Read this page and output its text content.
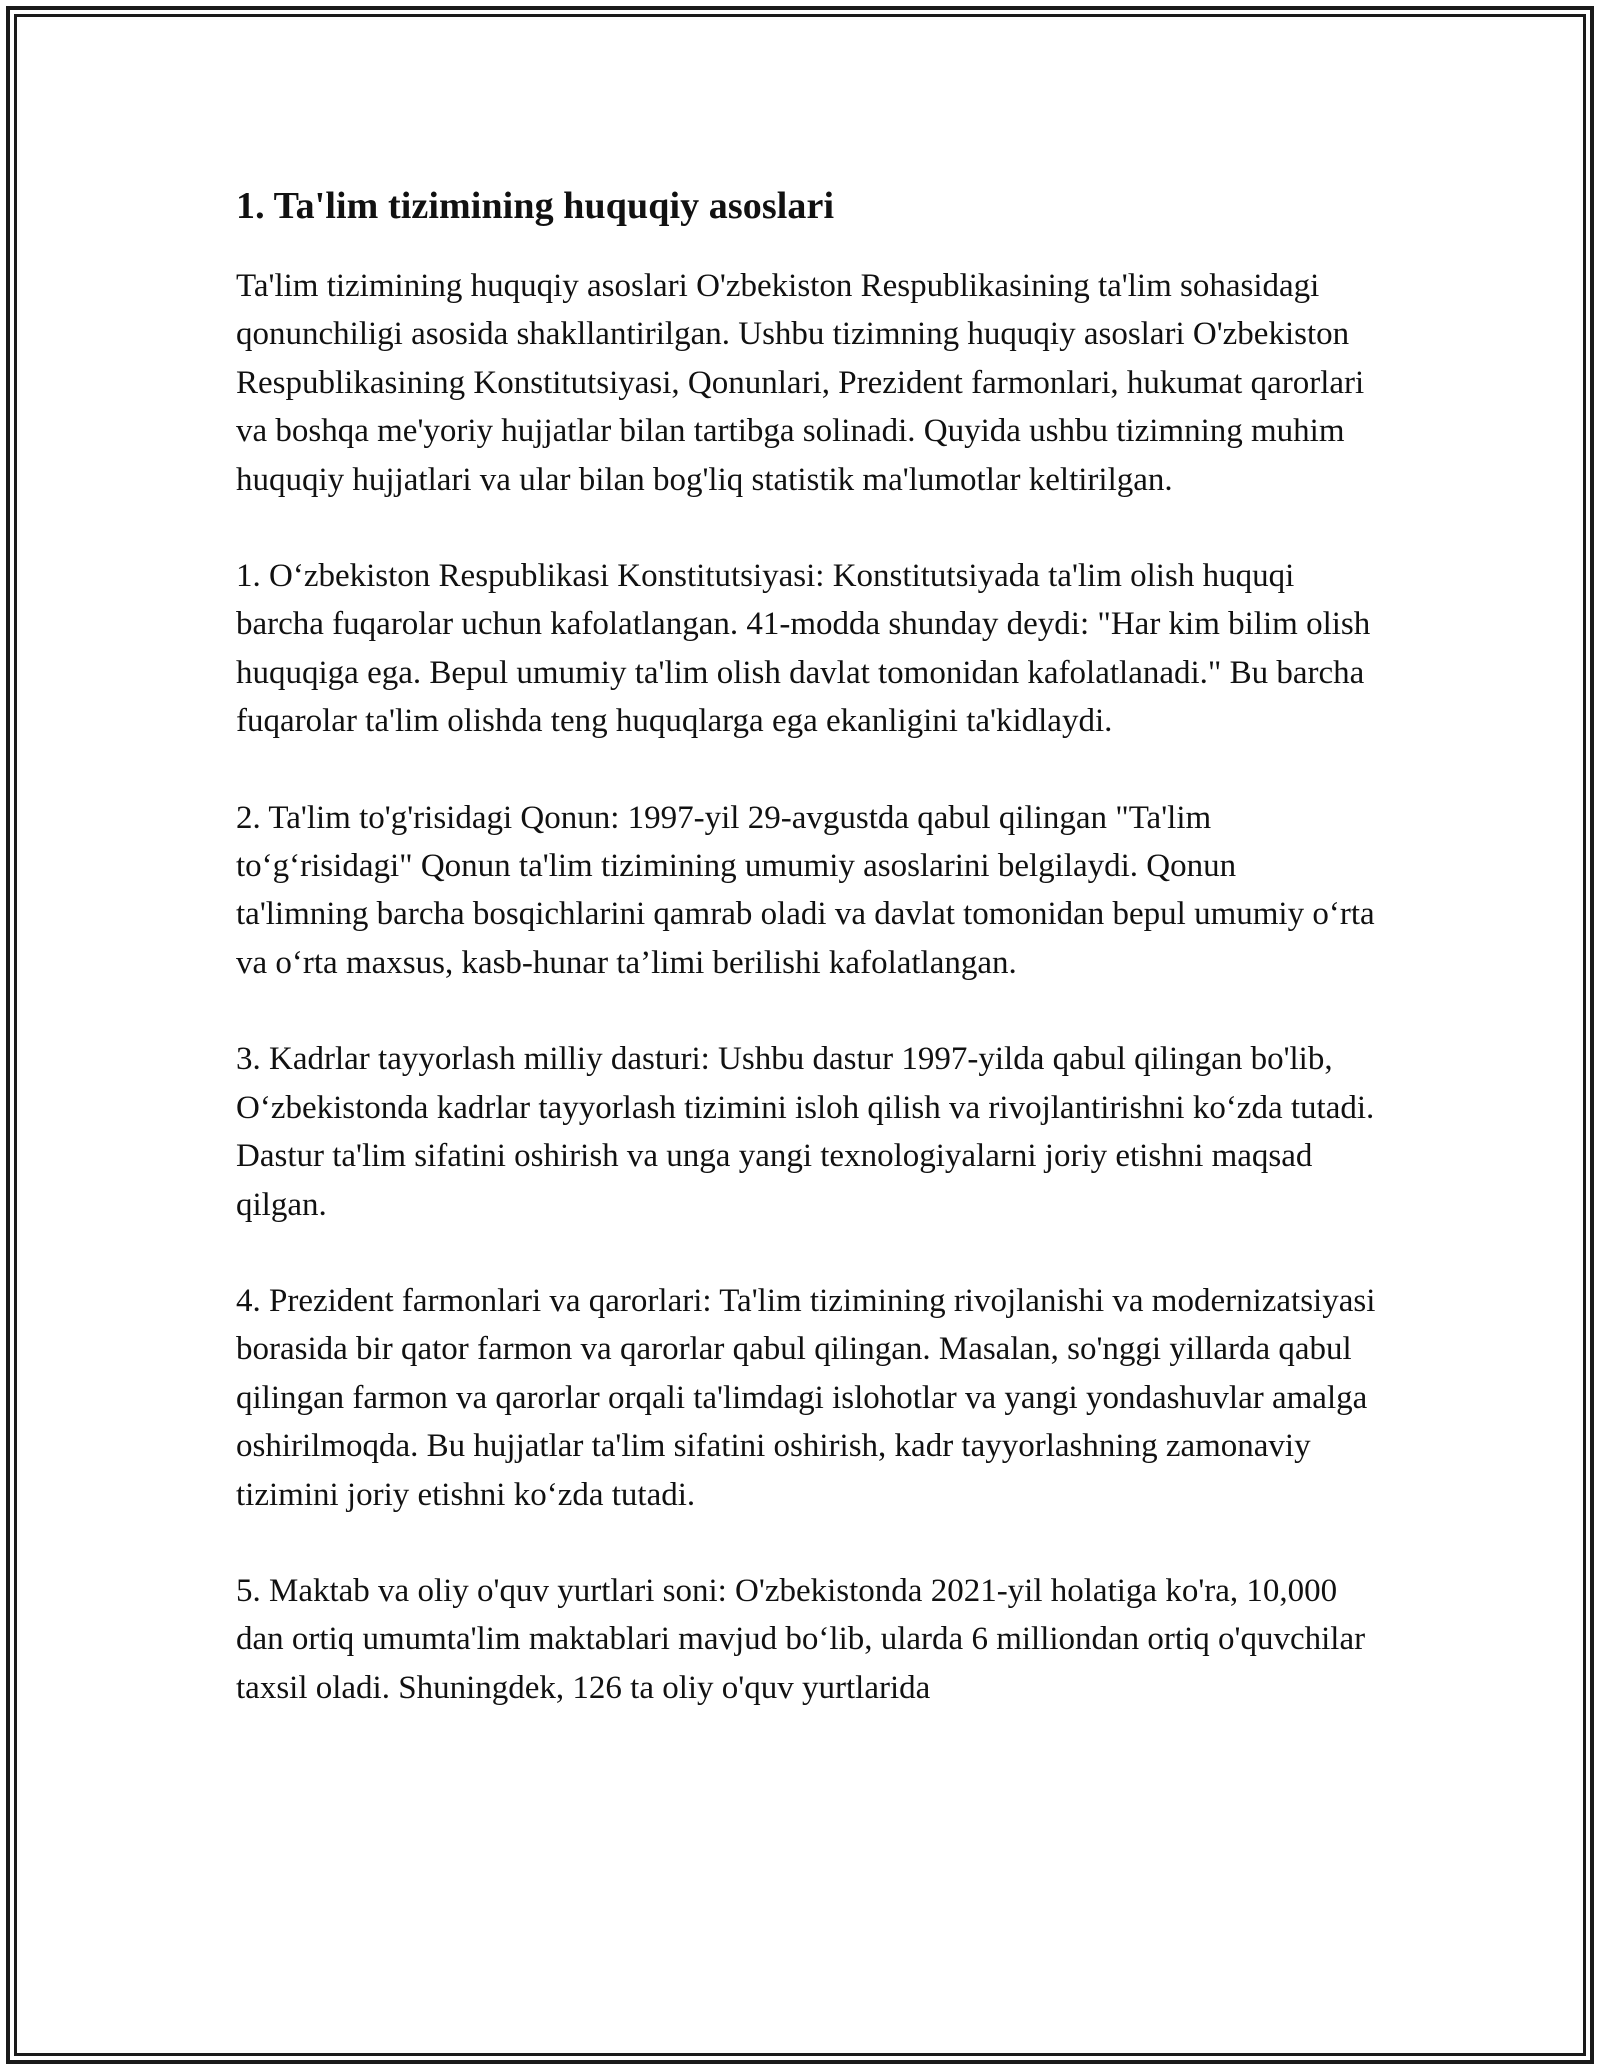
1. Ta'lim tizimining huquqiy asoslari

Ta'lim tizimining huquqiy asoslari O'zbekiston Respublikasining ta'lim sohasidagi qonunchiligi asosida shakllantirilgan. Ushbu tizimning huquqiy asoslari O'zbekiston Respublikasining Konstitutsiyasi, Qonunlari, Prezident farmonlari, hukumat qarorlari va boshqa me'yoriy hujjatlar bilan tartibga solinadi. Quyida ushbu tizimning muhim huquqiy hujjatlari va ular bilan bog'liq statistik ma'lumotlar keltirilgan.

1. O‘zbekiston Respublikasi Konstitutsiyasi: Konstitutsiyada ta'lim olish huquqi barcha fuqarolar uchun kafolatlangan. 41-modda shunday deydi: "Har kim bilim olish huquqiga ega. Bepul umumiy ta'lim olish davlat tomonidan kafolatlanadi." Bu barcha fuqarolar ta'lim olishda teng huquqlarga ega ekanligini ta'kidlaydi.

2. Ta'lim to'g'risidagi Qonun: 1997-yil 29-avgustda qabul qilingan "Ta'lim to‘g‘risidagi" Qonun ta'lim tizimining umumiy asoslarini belgilaydi. Qonun ta'limning barcha bosqichlarini qamrab oladi va davlat tomonidan bepul umumiy o‘rta va o‘rta maxsus, kasb-hunar ta’limi berilishi kafolatlangan.

3. Kadrlar tayyorlash milliy dasturi: Ushbu dastur 1997-yilda qabul qilingan bo'lib, O‘zbekistonda kadrlar tayyorlash tizimini isloh qilish va rivojlantirishni ko‘zda tutadi. Dastur ta'lim sifatini oshirish va unga yangi texnologiyalarni joriy etishni maqsad qilgan.

4. Prezident farmonlari va qarorlari: Ta'lim tizimining rivojlanishi va modernizatsiyasi borasida bir qator farmon va qarorlar qabul qilingan. Masalan, so'nggi yillarda qabul qilingan farmon va qarorlar orqali ta'limdagi islohotlar va yangi yondashuvlar amalga oshirilmoqda. Bu hujjatlar ta'lim sifatini oshirish, kadr tayyorlashning zamonaviy tizimini joriy etishni ko‘zda tutadi.

5. Maktab va oliy o'quv yurtlari soni: O'zbekistonda 2021-yil holatiga ko'ra, 10,000 dan ortiq umumta'lim maktablari mavjud bo‘lib, ularda 6 milliondan ortiq o'quvchilar taxsil oladi. Shuningdek, 126 ta oliy o'quv yurtlarida
